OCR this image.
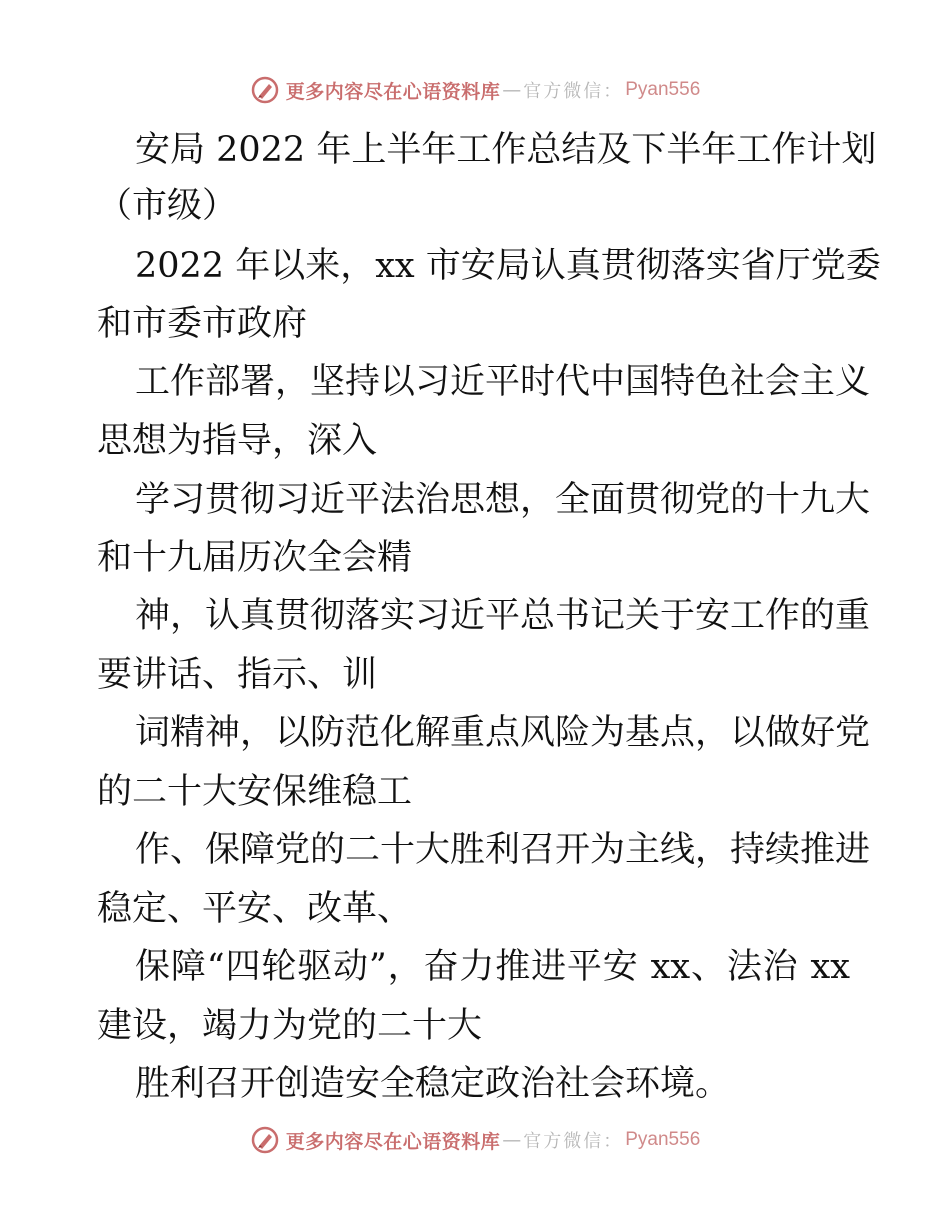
更多内容尽在心语资料库 — 官方微信： Pyan556
安局 2022 年上半年工作总结及下半年工作计划
（市级）
2022 年以来，xx 市安局认真贯彻落实省厅党委
和市委市政府
工作部署，坚持以习近平时代中国特色社会主义
思想为指导，深入
学习贯彻习近平法治思想，全面贯彻党的十九大
和十九届历次全会精
神，认真贯彻落实习近平总书记关于安工作的重
要讲话、指示、训
词精神，以防范化解重点风险为基点，以做好党
的二十大安保维稳工
作、保障党的二十大胜利召开为主线，持续推进
稳定、平安、改革、
保障“四轮驱动”，奋力推进平安 xx、法治 xx
建设，竭力为党的二十大
胜利召开创造安全稳定政治社会环境。
更多内容尽在心语资料库 — 官方微信： Pyan556
